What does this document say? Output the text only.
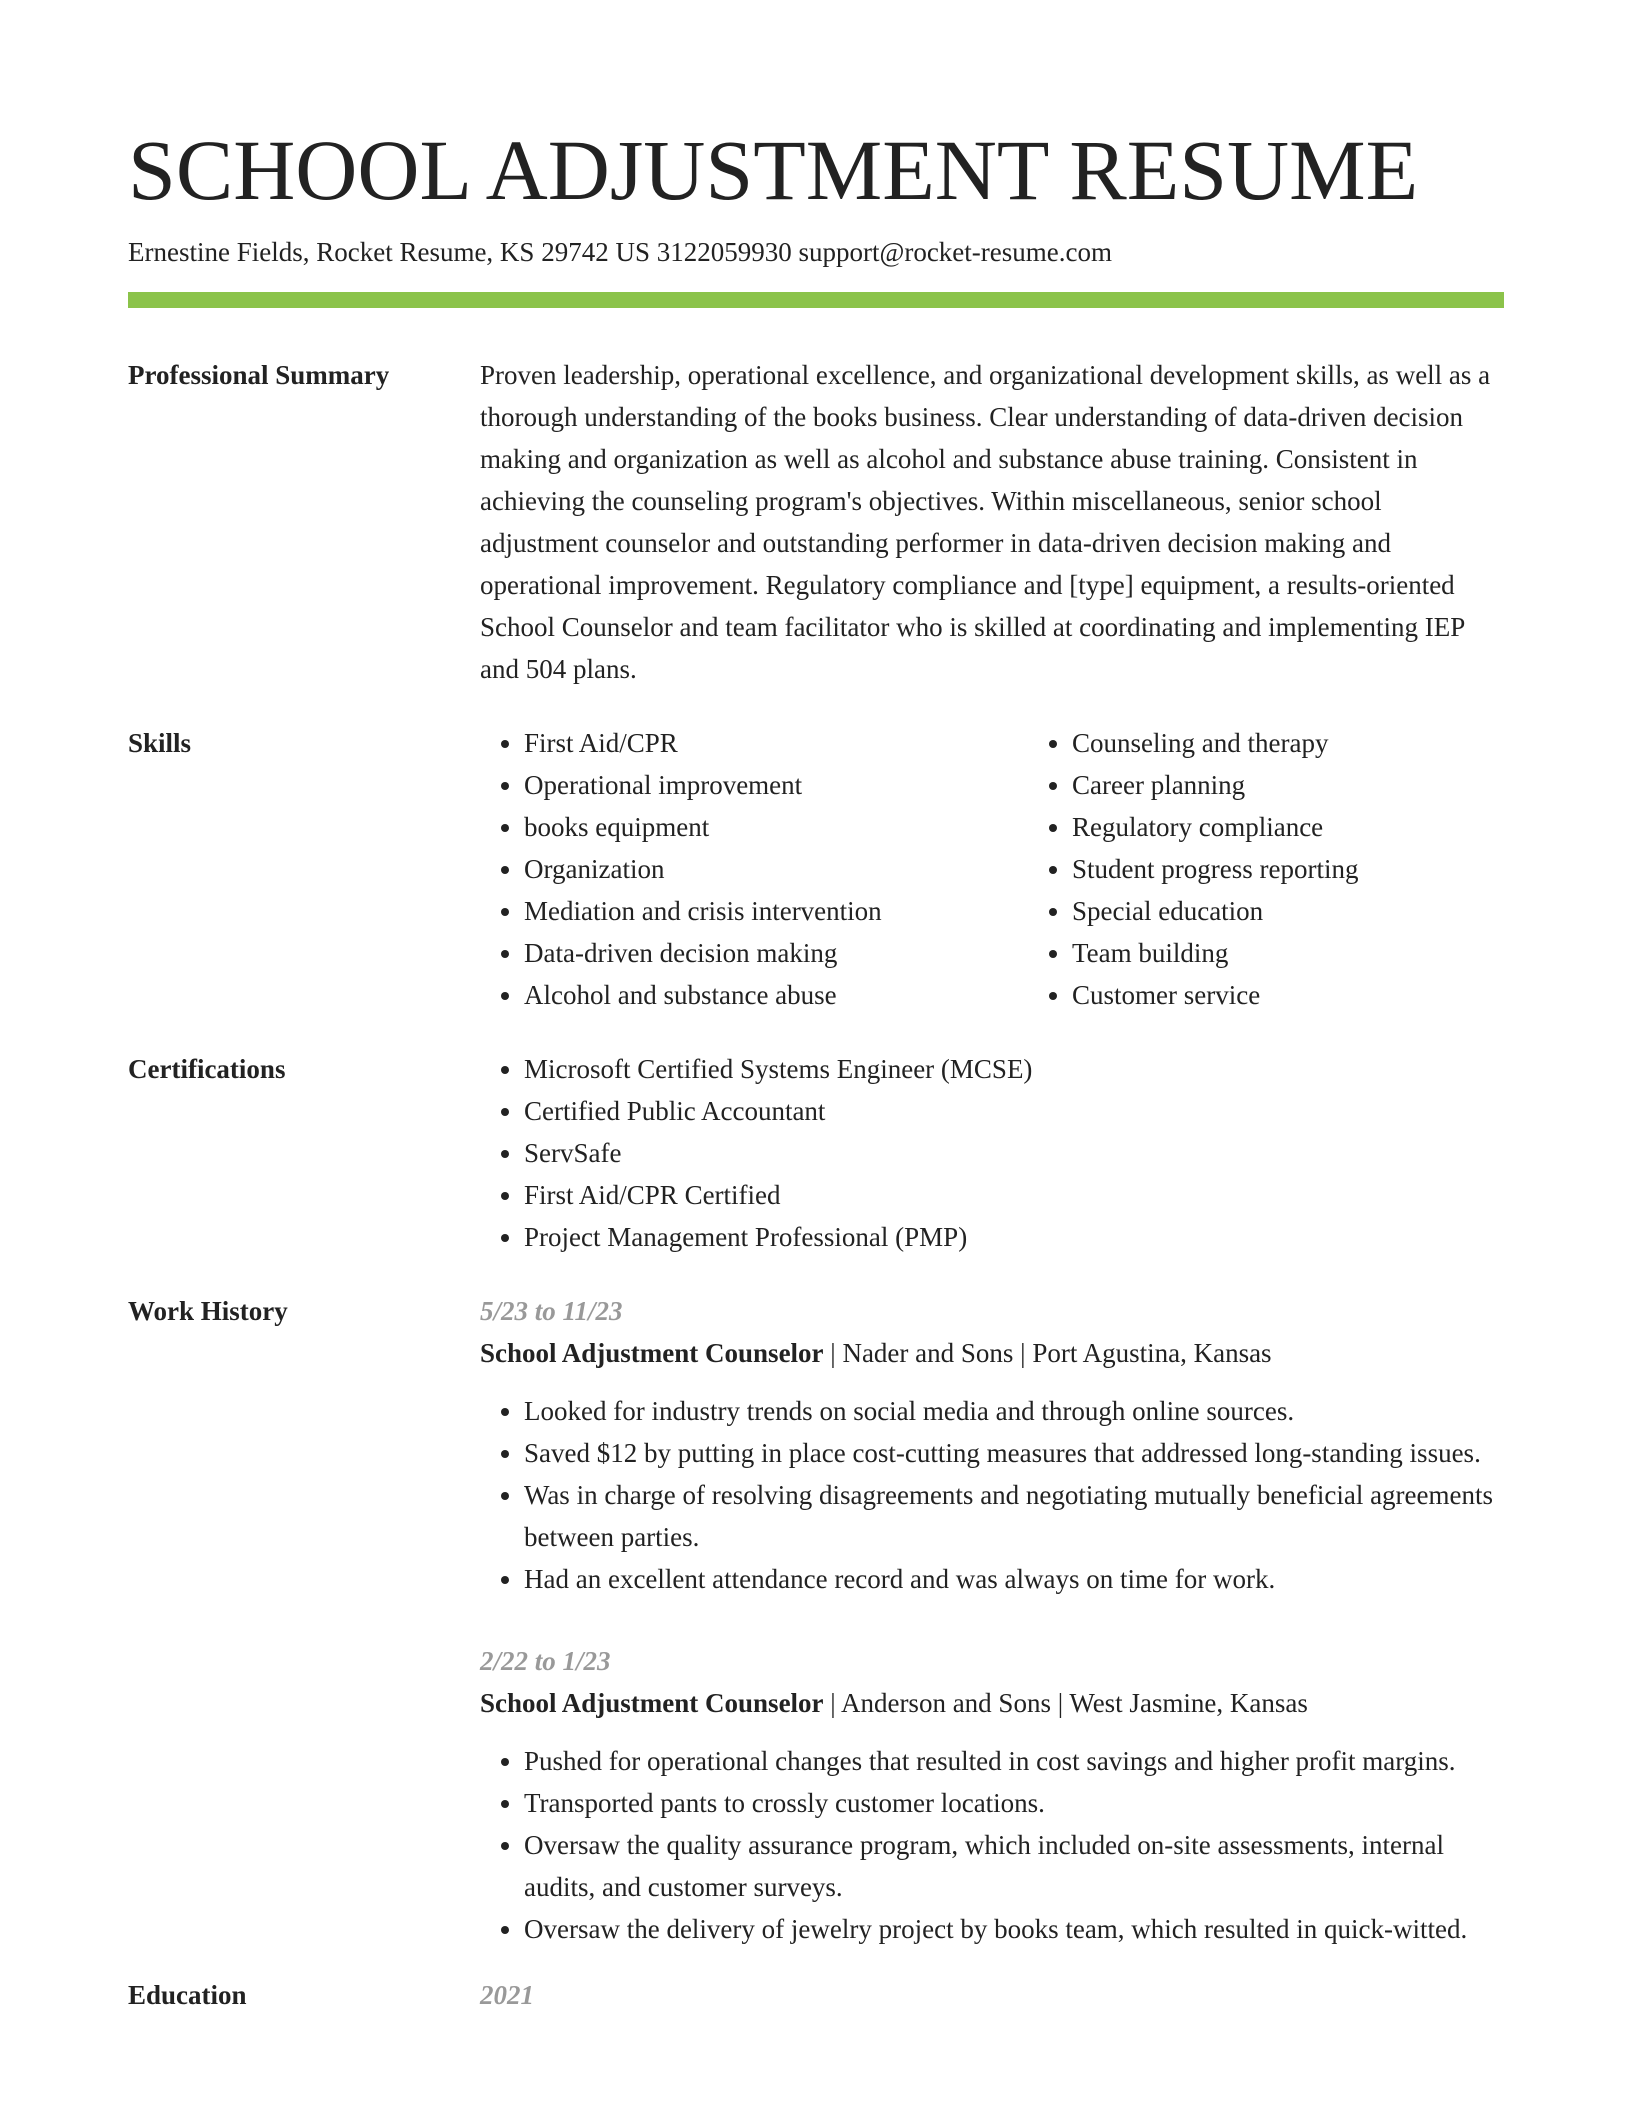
SCHOOL ADJUSTMENT RESUME
Ernestine Fields, Rocket Resume, KS 29742 US 3122059930 support@rocket-resume.com
Professional Summary	Proven leadership, operational excellence, and organizational development skills, as well as a thorough understanding of the books business. Clear understanding of data-driven decision making and organization as well as alcohol and substance abuse training. Consistent in achieving the counseling program's objectives. Within miscellaneous, senior school adjustment counselor and outstanding performer in data-driven decision making and operational improvement. Regulatory compliance and [type] equipment, a results-oriented School Counselor and team facilitator who is skilled at coordinating and implementing IEP and 504 plans.
Skills	• First Aid/CPR
• Operational improvement
• books equipment
• Organization
• Mediation and crisis intervention
• Data-driven decision making
• Alcohol and substance abuse
• Counseling and therapy
• Career planning
• Regulatory compliance
• Student progress reporting
• Special education
• Team building
• Customer service
Certifications	• Microsoft Certified Systems Engineer (MCSE)
• Certified Public Accountant
• ServSafe
• First Aid/CPR Certified
• Project Management Professional (PMP)
Work History	5/23 to 11/23
School Adjustment Counselor | Nader and Sons | Port Agustina, Kansas
• Looked for industry trends on social media and through online sources.
• Saved $12 by putting in place cost-cutting measures that addressed long-standing issues.
• Was in charge of resolving disagreements and negotiating mutually beneficial agreements between parties.
• Had an excellent attendance record and was always on time for work.
2/22 to 1/23
School Adjustment Counselor | Anderson and Sons | West Jasmine, Kansas
• Pushed for operational changes that resulted in cost savings and higher profit margins.
• Transported pants to crossly customer locations.
• Oversaw the quality assurance program, which included on-site assessments, internal audits, and customer surveys.
• Oversaw the delivery of jewelry project by books team, which resulted in quick-witted.
Education	2021
